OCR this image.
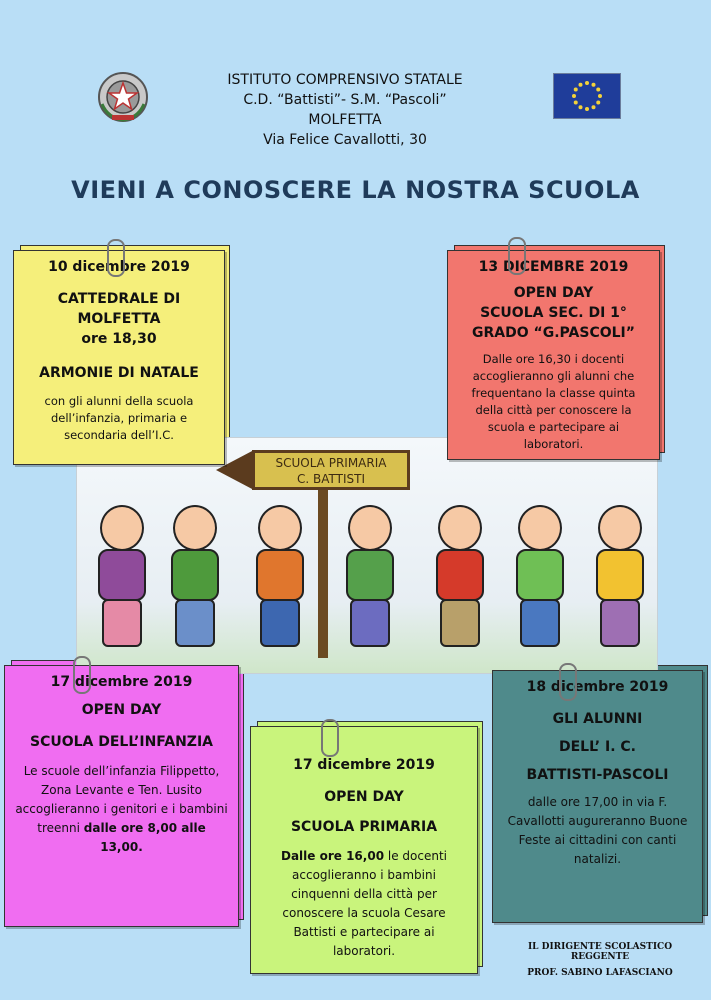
ISTITUTO COMPRENSIVO STATALE
C.D. “Battisti”- S.M. “Pascoli”
MOLFETTA
Via Felice Cavallotti, 30
VIENI A CONOSCERE LA NOSTRA SCUOLA
SCUOLA PRIMARIA
C. BATTISTI
10 dicembre 2019
CATTEDRALE DI
MOLFETTA
ore 18,30
ARMONIE DI NATALE
con gli alunni della scuola dell’infanzia, primaria e secondaria dell’I.C.
13 DICEMBRE 2019
OPEN DAY
SCUOLA SEC. DI 1°
GRADO “G.PASCOLI”
Dalle ore 16,30 i docenti accoglieranno gli alunni che frequentano la classe quinta della città per conoscere la scuola e partecipare ai laboratori.
17 dicembre 2019
OPEN DAY
SCUOLA DELL’INFANZIA
Le scuole dell’infanzia Filippetto, Zona Levante e Ten. Lusito accoglieranno i genitori e i bambini treenni dalle ore 8,00 alle
13,00.
17 dicembre 2019
OPEN DAY
SCUOLA PRIMARIA
Dalle ore 16,00 le docenti accoglieranno i bambini cinquenni della città per conoscere la scuola Cesare Battisti e partecipare ai laboratori.
18 dicembre 2019
GLI ALUNNI
DELL’ I. C.
BATTISTI-PASCOLI
dalle ore 17,00 in via F. Cavallotti augureranno Buone Feste ai cittadini con canti natalizi.
IL DIRIGENTE SCOLASTICO REGGENTE
PROF. SABINO LAFASCIANO
